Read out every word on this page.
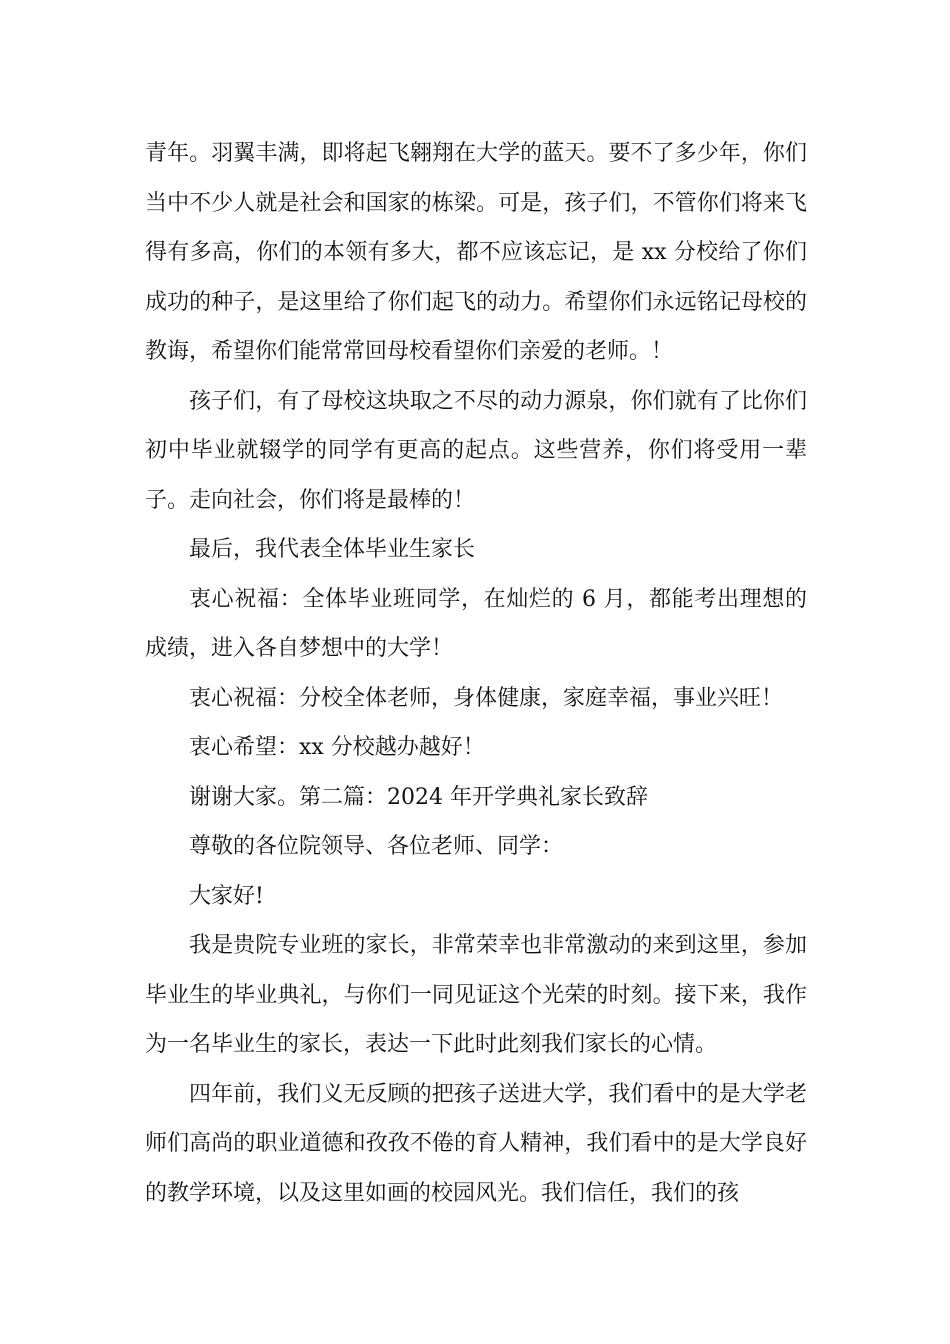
青年。羽翼丰满，即将起飞翱翔在大学的蓝天。要不了多少年，你们当中不少人就是社会和国家的栋梁。可是，孩子们，不管你们将来飞得有多高，你们的本领有多大，都不应该忘记，是 xx 分校给了你们成功的种子，是这里给了你们起飞的动力。希望你们永远铭记母校的教诲，希望你们能常常回母校看望你们亲爱的老师。！

孩子们，有了母校这块取之不尽的动力源泉，你们就有了比你们初中毕业就辍学的同学有更高的起点。这些营养，你们将受用一辈子。走向社会，你们将是最棒的！

最后，我代表全体毕业生家长

衷心祝福：全体毕业班同学，在灿烂的 6 月，都能考出理想的成绩，进入各自梦想中的大学！

衷心祝福：分校全体老师，身体健康，家庭幸福，事业兴旺！

衷心希望：xx 分校越办越好！

谢谢大家。第二篇：2024 年开学典礼家长致辞

尊敬的各位院领导、各位老师、同学：

大家好!

我是贵院专业班的家长，非常荣幸也非常激动的来到这里，参加毕业生的毕业典礼，与你们一同见证这个光荣的时刻。接下来，我作为一名毕业生的家长，表达一下此时此刻我们家长的心情。

四年前，我们义无反顾的把孩子送进大学，我们看中的是大学老师们高尚的职业道德和孜孜不倦的育人精神，我们看中的是大学良好的教学环境，以及这里如画的校园风光。我们信任，我们的孩
